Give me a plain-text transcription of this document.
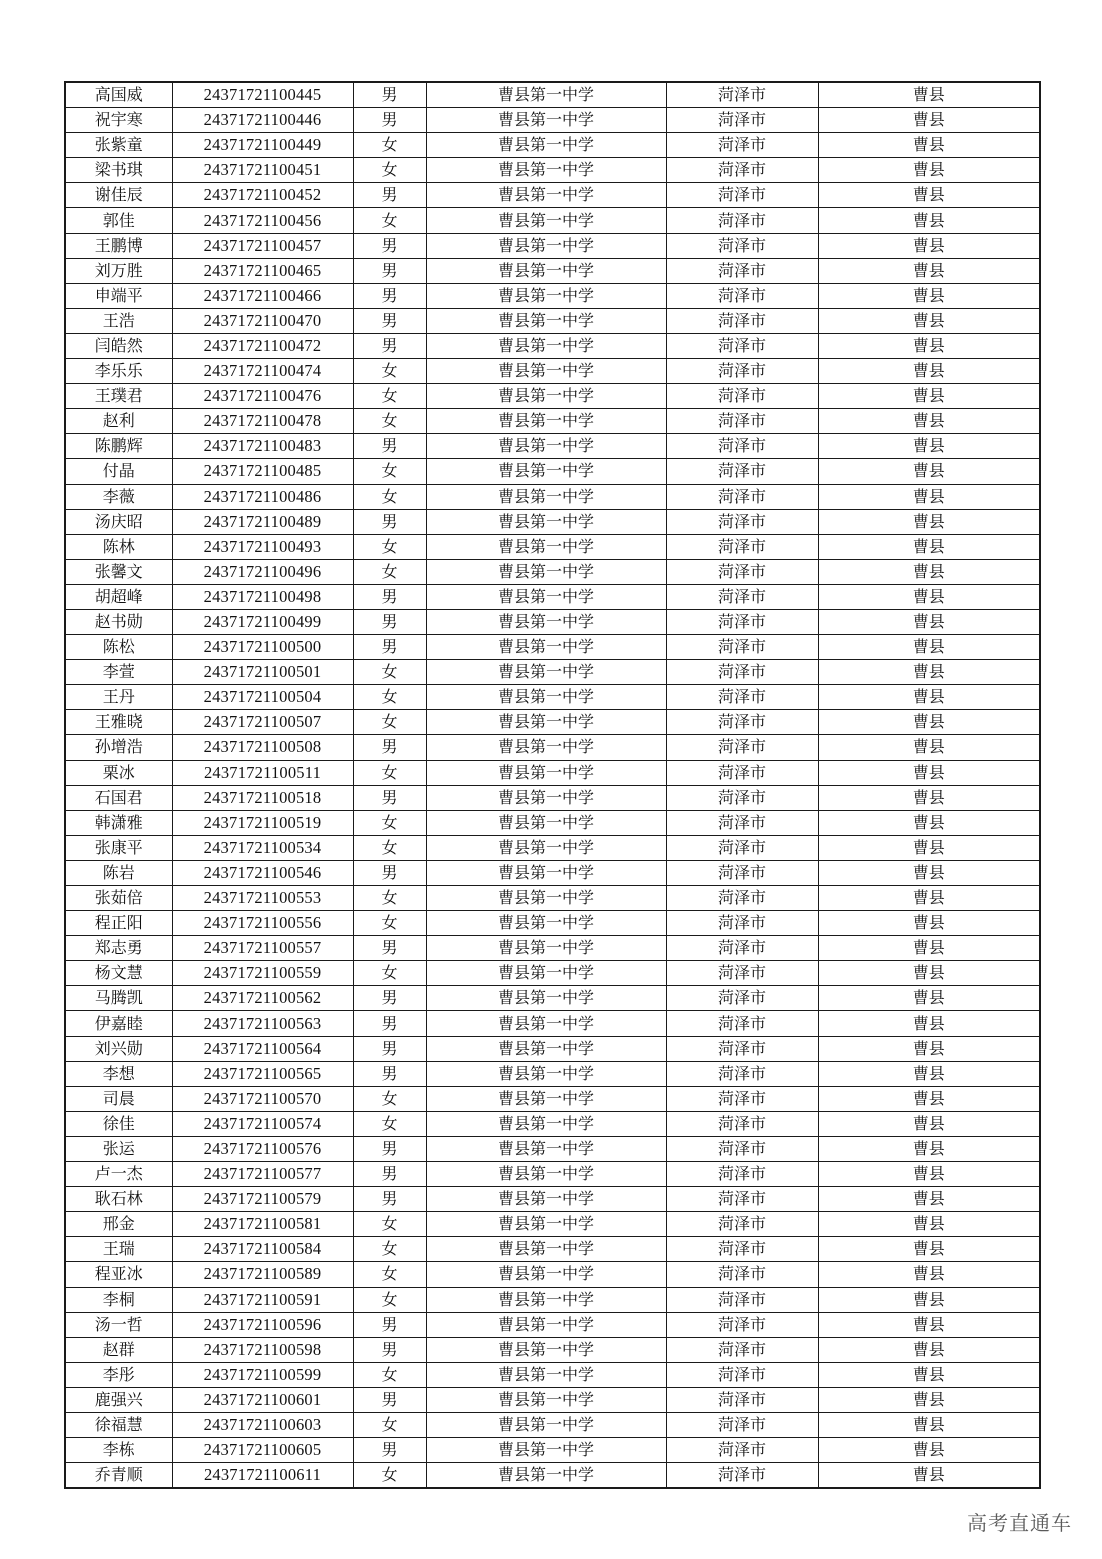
高国威	24371721100445	男	曹县第一中学	菏泽市	曹县
祝宇寒	24371721100446	男	曹县第一中学	菏泽市	曹县
张紫童	24371721100449	女	曹县第一中学	菏泽市	曹县
梁书琪	24371721100451	女	曹县第一中学	菏泽市	曹县
谢佳辰	24371721100452	男	曹县第一中学	菏泽市	曹县
郭佳	24371721100456	女	曹县第一中学	菏泽市	曹县
王鹏博	24371721100457	男	曹县第一中学	菏泽市	曹县
刘万胜	24371721100465	男	曹县第一中学	菏泽市	曹县
申端平	24371721100466	男	曹县第一中学	菏泽市	曹县
王浩	24371721100470	男	曹县第一中学	菏泽市	曹县
闫皓然	24371721100472	男	曹县第一中学	菏泽市	曹县
李乐乐	24371721100474	女	曹县第一中学	菏泽市	曹县
王璞君	24371721100476	女	曹县第一中学	菏泽市	曹县
赵利	24371721100478	女	曹县第一中学	菏泽市	曹县
陈鹏辉	24371721100483	男	曹县第一中学	菏泽市	曹县
付晶	24371721100485	女	曹县第一中学	菏泽市	曹县
李薇	24371721100486	女	曹县第一中学	菏泽市	曹县
汤庆昭	24371721100489	男	曹县第一中学	菏泽市	曹县
陈林	24371721100493	女	曹县第一中学	菏泽市	曹县
张馨文	24371721100496	女	曹县第一中学	菏泽市	曹县
胡超峰	24371721100498	男	曹县第一中学	菏泽市	曹县
赵书勋	24371721100499	男	曹县第一中学	菏泽市	曹县
陈松	24371721100500	男	曹县第一中学	菏泽市	曹县
李萱	24371721100501	女	曹县第一中学	菏泽市	曹县
王丹	24371721100504	女	曹县第一中学	菏泽市	曹县
王雅晓	24371721100507	女	曹县第一中学	菏泽市	曹县
孙增浩	24371721100508	男	曹县第一中学	菏泽市	曹县
栗冰	24371721100511	女	曹县第一中学	菏泽市	曹县
石国君	24371721100518	男	曹县第一中学	菏泽市	曹县
韩潇雅	24371721100519	女	曹县第一中学	菏泽市	曹县
张康平	24371721100534	女	曹县第一中学	菏泽市	曹县
陈岩	24371721100546	男	曹县第一中学	菏泽市	曹县
张茹倍	24371721100553	女	曹县第一中学	菏泽市	曹县
程正阳	24371721100556	女	曹县第一中学	菏泽市	曹县
郑志勇	24371721100557	男	曹县第一中学	菏泽市	曹县
杨文慧	24371721100559	女	曹县第一中学	菏泽市	曹县
马腾凯	24371721100562	男	曹县第一中学	菏泽市	曹县
伊嘉睦	24371721100563	男	曹县第一中学	菏泽市	曹县
刘兴勋	24371721100564	男	曹县第一中学	菏泽市	曹县
李想	24371721100565	男	曹县第一中学	菏泽市	曹县
司晨	24371721100570	女	曹县第一中学	菏泽市	曹县
徐佳	24371721100574	女	曹县第一中学	菏泽市	曹县
张运	24371721100576	男	曹县第一中学	菏泽市	曹县
卢一杰	24371721100577	男	曹县第一中学	菏泽市	曹县
耿石林	24371721100579	男	曹县第一中学	菏泽市	曹县
邢金	24371721100581	女	曹县第一中学	菏泽市	曹县
王瑞	24371721100584	女	曹县第一中学	菏泽市	曹县
程亚冰	24371721100589	女	曹县第一中学	菏泽市	曹县
李桐	24371721100591	女	曹县第一中学	菏泽市	曹县
汤一哲	24371721100596	男	曹县第一中学	菏泽市	曹县
赵群	24371721100598	男	曹县第一中学	菏泽市	曹县
李彤	24371721100599	女	曹县第一中学	菏泽市	曹县
鹿强兴	24371721100601	男	曹县第一中学	菏泽市	曹县
徐福慧	24371721100603	女	曹县第一中学	菏泽市	曹县
李栋	24371721100605	男	曹县第一中学	菏泽市	曹县
乔青顺	24371721100611	女	曹县第一中学	菏泽市	曹县
高考直通车
